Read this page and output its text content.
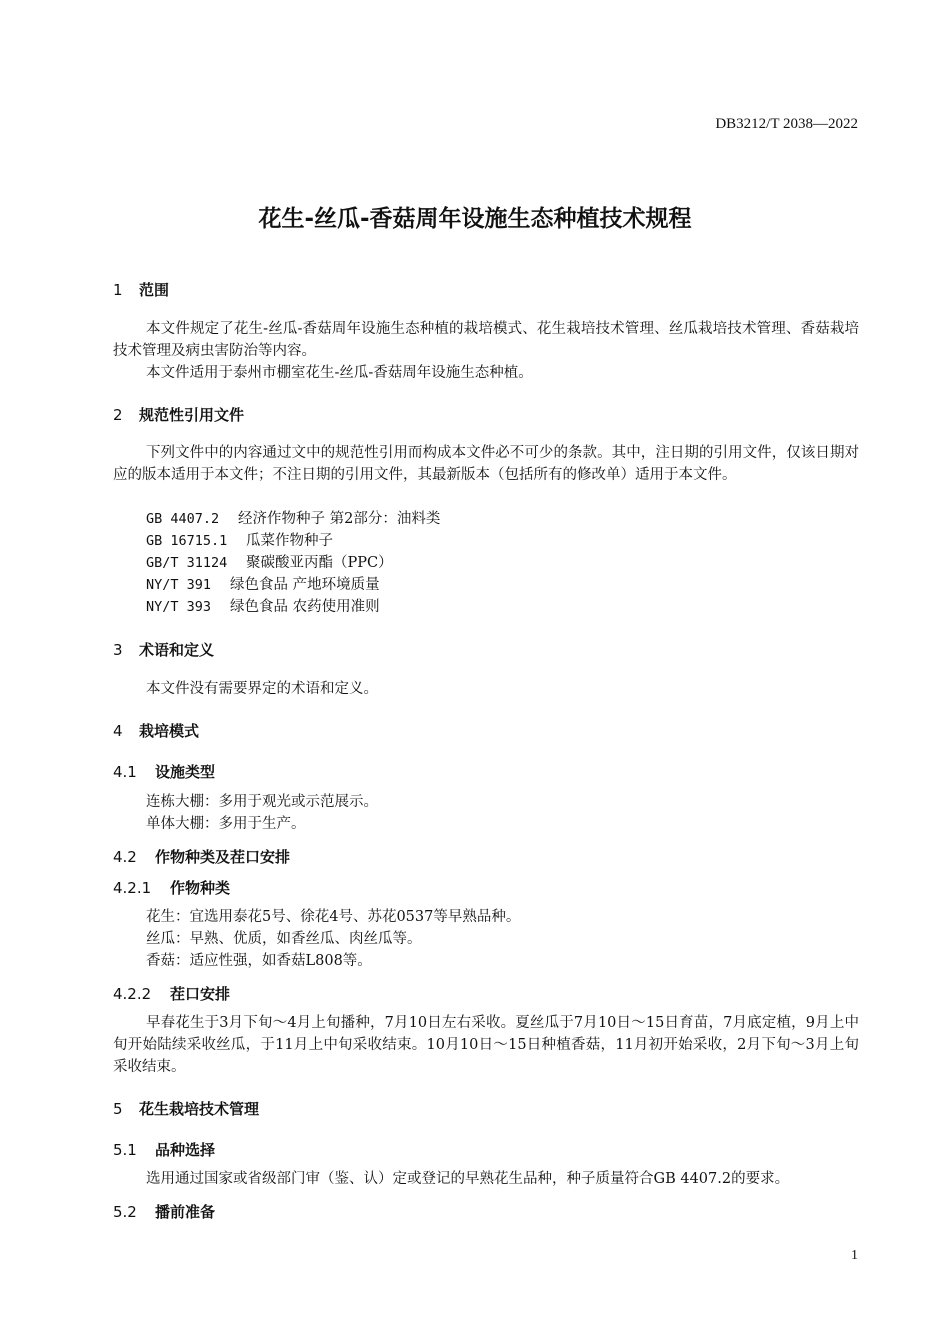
DB3212/T 2038—2022
花生-丝瓜-香菇周年设施生态种植技术规程
1 范围

本文件规定了花生-丝瓜-香菇周年设施生态种植的栽培模式、花生栽培技术管理、丝瓜栽培技术管理、香菇栽培技术管理及病虫害防治等内容。

本文件适用于泰州市棚室花生-丝瓜-香菇周年设施生态种植。

2 规范性引用文件

下列文件中的内容通过文中的规范性引用而构成本文件必不可少的条款。其中，注日期的引用文件，仅该日期对应的版本适用于本文件；不注日期的引用文件，其最新版本（包括所有的修改单）适用于本文件。

GB 4407.2 经济作物种子 第2部分：油料类
GB 16715.1 瓜菜作物种子
GB/T 31124 聚碳酸亚丙酯（PPC）
NY/T 391 绿色食品 产地环境质量
NY/T 393 绿色食品 农药使用准则
3 术语和定义

本文件没有需要界定的术语和定义。

4 栽培模式
4.1 设施类型
连栋大棚：多用于观光或示范展示。
单体大棚：多用于生产。
4.2 作物种类及茬口安排
4.2.1 作物种类
花生：宜选用泰花5号、徐花4号、苏花0537等早熟品种。
丝瓜：早熟、优质，如香丝瓜、肉丝瓜等。
香菇：适应性强，如香菇L808等。
4.2.2 茬口安排

早春花生于3月下旬～4月上旬播种，7月10日左右采收。夏丝瓜于7月10日～15日育苗，7月底定植，9月上中旬开始陆续采收丝瓜，于11月上中旬采收结束。10月10日～15日种植香菇，11月初开始采收，2月下旬～3月上旬采收结束。

5 花生栽培技术管理
5.1 品种选择

选用通过国家或省级部门审（鉴、认）定或登记的早熟花生品种，种子质量符合GB 4407.2的要求。

5.2 播前准备
1
